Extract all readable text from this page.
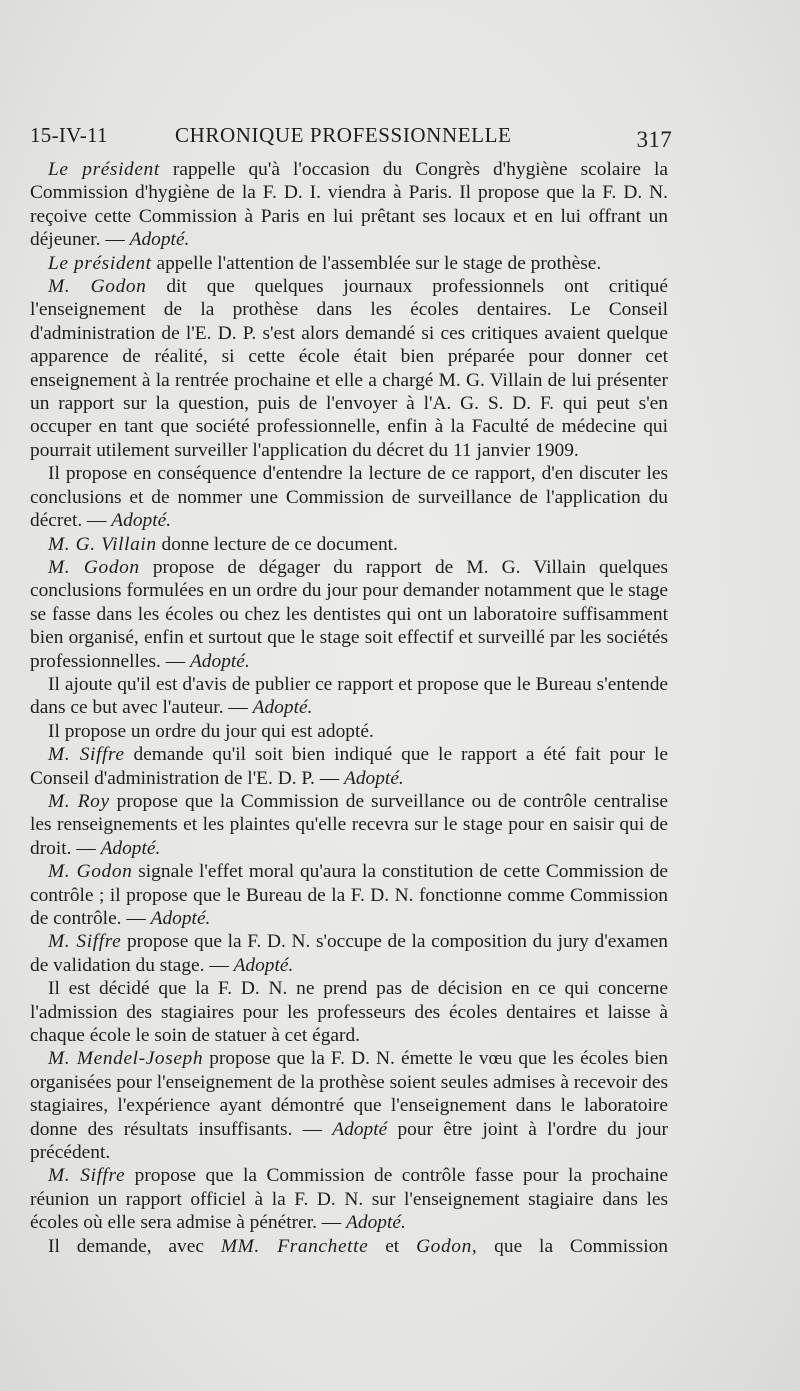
15-IV-11	CHRONIQUE PROFESSIONNELLE	317

Le président rappelle qu'à l'occasion du Congrès d'hygiène scolaire la Commission d'hygiène de la F. D. I. viendra à Paris. Il propose que la F. D. N. reçoive cette Commission à Paris en lui prêtant ses locaux et en lui offrant un déjeuner. — Adopté.

Le président appelle l'attention de l'assemblée sur le stage de prothèse.

M. Godon dit que quelques journaux professionnels ont critiqué l'enseignement de la prothèse dans les écoles dentaires. Le Conseil d'administration de l'E. D. P. s'est alors demandé si ces critiques avaient quelque apparence de réalité, si cette école était bien préparée pour donner cet enseignement à la rentrée prochaine et elle a chargé M. G. Villain de lui présenter un rapport sur la question, puis de l'envoyer à l'A. G. S. D. F. qui peut s'en occuper en tant que société professionnelle, enfin à la Faculté de médecine qui pourrait utilement surveiller l'application du décret du 11 janvier 1909.

Il propose en conséquence d'entendre la lecture de ce rapport, d'en discuter les conclusions et de nommer une Commission de surveillance de l'application du décret. — Adopté.

M. G. Villain donne lecture de ce document.

M. Godon propose de dégager du rapport de M. G. Villain quelques conclusions formulées en un ordre du jour pour demander notamment que le stage se fasse dans les écoles ou chez les dentistes qui ont un laboratoire suffisamment bien organisé, enfin et surtout que le stage soit effectif et surveillé par les sociétés professionnelles. — Adopté.

Il ajoute qu'il est d'avis de publier ce rapport et propose que le Bureau s'entende dans ce but avec l'auteur. — Adopté.

Il propose un ordre du jour qui est adopté.

M. Siffre demande qu'il soit bien indiqué que le rapport a été fait pour le Conseil d'administration de l'E. D. P. — Adopté.

M. Roy propose que la Commission de surveillance ou de contrôle centralise les renseignements et les plaintes qu'elle recevra sur le stage pour en saisir qui de droit. — Adopté.

M. Godon signale l'effet moral qu'aura la constitution de cette Commission de contrôle ; il propose que le Bureau de la F. D. N. fonctionne comme Commission de contrôle. — Adopté.

M. Siffre propose que la F. D. N. s'occupe de la composition du jury d'examen de validation du stage. — Adopté.

Il est décidé que la F. D. N. ne prend pas de décision en ce qui concerne l'admission des stagiaires pour les professeurs des écoles dentaires et laisse à chaque école le soin de statuer à cet égard.

M. Mendel-Joseph propose que la F. D. N. émette le vœu que les écoles bien organisées pour l'enseignement de la prothèse soient seules admises à recevoir des stagiaires, l'expérience ayant démontré que l'enseignement dans le laboratoire donne des résultats insuffisants. — Adopté pour être joint à l'ordre du jour précédent.

M. Siffre propose que la Commission de contrôle fasse pour la prochaine réunion un rapport officiel à la F. D. N. sur l'enseignement stagiaire dans les écoles où elle sera admise à pénétrer. — Adopté.

Il demande, avec MM. Franchette et Godon, que la Commission
